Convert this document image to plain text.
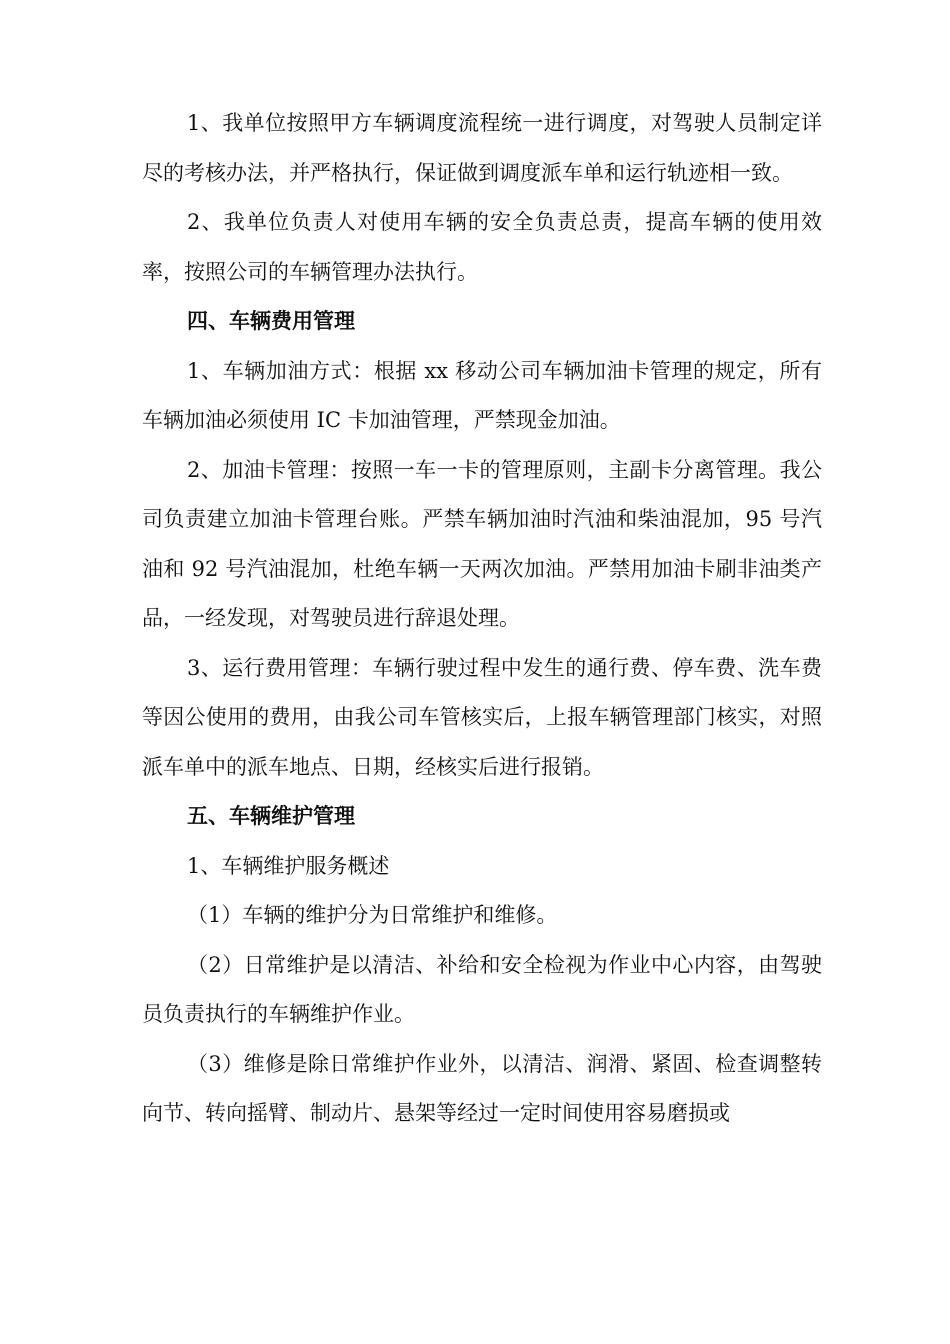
1、我单位按照甲方车辆调度流程统一进行调度，对驾驶人员制定详尽的考核办法，并严格执行，保证做到调度派车单和运行轨迹相一致。

2、我单位负责人对使用车辆的安全负责总责，提高车辆的使用效率，按照公司的车辆管理办法执行。

四、车辆费用管理

1、车辆加油方式：根据 xx 移动公司车辆加油卡管理的规定，所有车辆加油必须使用 IC 卡加油管理，严禁现金加油。

2、加油卡管理：按照一车一卡的管理原则，主副卡分离管理。我公司负责建立加油卡管理台账。严禁车辆加油时汽油和柴油混加，95 号汽油和 92 号汽油混加，杜绝车辆一天两次加油。严禁用加油卡刷非油类产品，一经发现，对驾驶员进行辞退处理。

3、运行费用管理：车辆行驶过程中发生的通行费、停车费、洗车费等因公使用的费用，由我公司车管核实后，上报车辆管理部门核实，对照派车单中的派车地点、日期，经核实后进行报销。

五、车辆维护管理

1、车辆维护服务概述

（1）车辆的维护分为日常维护和维修。

（2）日常维护是以清洁、补给和安全检视为作业中心内容，由驾驶员负责执行的车辆维护作业。

（3）维修是除日常维护作业外，以清洁、润滑、紧固、检查调整转向节、转向摇臂、制动片、悬架等经过一定时间使用容易磨损或
